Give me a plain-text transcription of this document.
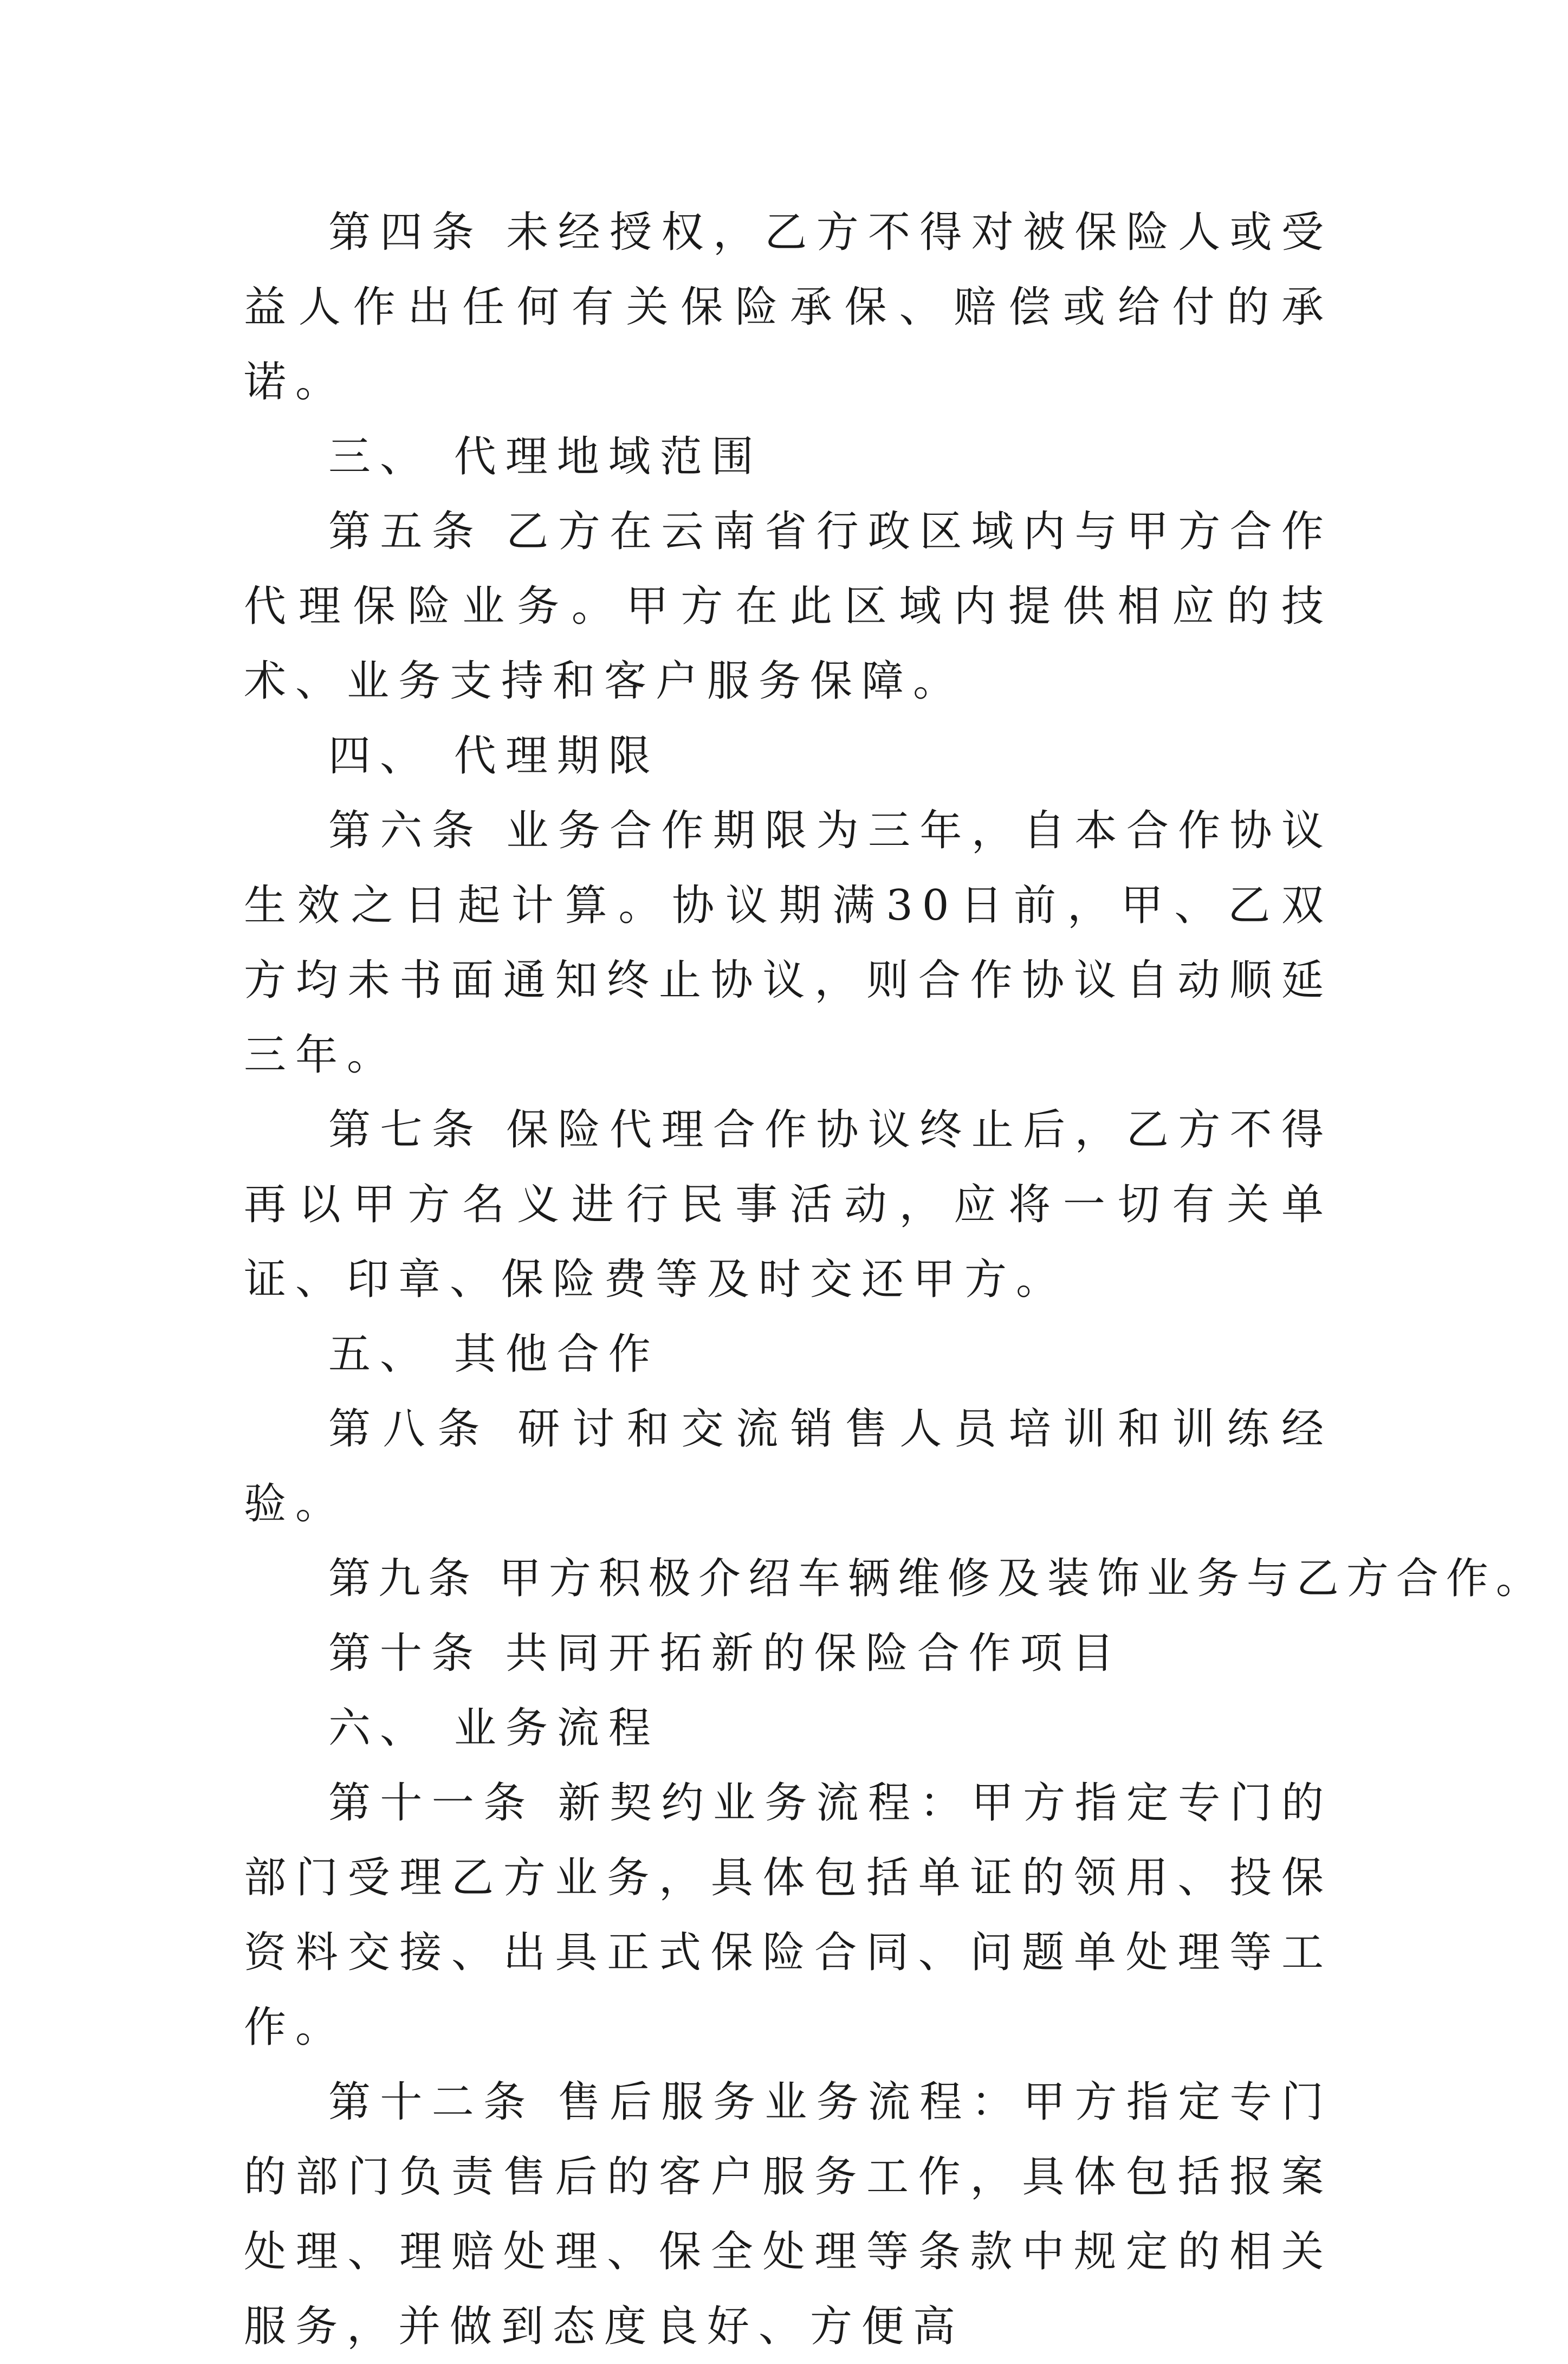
第四条 未经授权，乙方不得对被保险人或受益人作出任何有关保险承保、赔偿或给付的承诺。

三、 代理地域范围

第五条 乙方在云南省行政区域内与甲方合作代理保险业务。甲方在此区域内提供相应的技术、业务支持和客户服务保障。

四、 代理期限

第六条 业务合作期限为三年，自本合作协议生效之日起计算。协议期满30日前，甲、乙双方均未书面通知终止协议，则合作协议自动顺延三年。

第七条 保险代理合作协议终止后，乙方不得再以甲方名义进行民事活动，应将一切有关单证、印章、保险费等及时交还甲方。

五、 其他合作

第八条 研讨和交流销售人员培训和训练经验。

第九条 甲方积极介绍车辆维修及装饰业务与乙方合作。

第十条 共同开拓新的保险合作项目

六、 业务流程

第十一条 新契约业务流程：甲方指定专门的部门受理乙方业务，具体包括单证的领用、投保资料交接、出具正式保险合同、问题单处理等工作。

第十二条 售后服务业务流程：甲方指定专门的部门负责售后的客户服务工作，具体包括报案处理、理赔处理、保全处理等条款中规定的相关服务，并做到态度良好、方便高
